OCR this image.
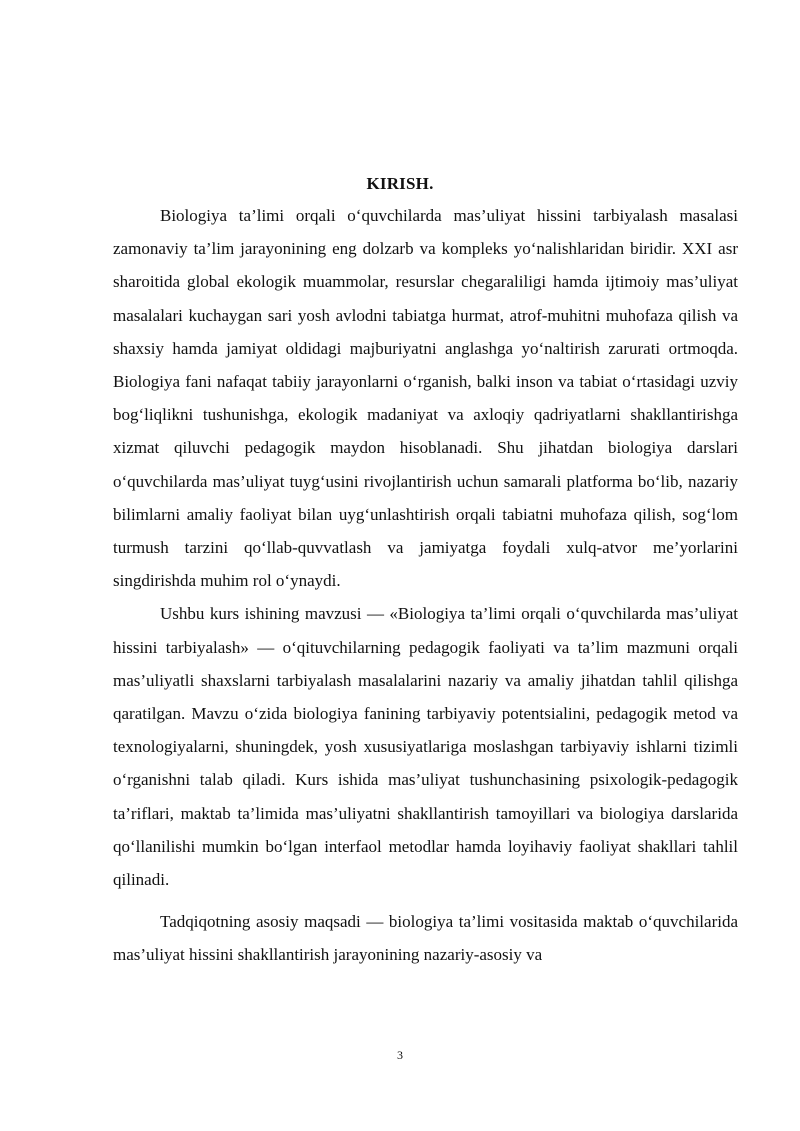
KIRISH.

Biologiya ta’limi orqali o‘quvchilarda mas’uliyat hissini tarbiyalash masalasi zamonaviy ta’lim jarayonining eng dolzarb va kompleks yo‘nalishlaridan biridir. XXI asr sharoitida global ekologik muammolar, resurslar chegaraliligi hamda ijtimoiy mas’uliyat masalalari kuchaygan sari yosh avlodni tabiatga hurmat, atrof-muhitni muhofaza qilish va shaxsiy hamda jamiyat oldidagi majburiyatni anglashga yo‘naltirish zarurati ortmoqda. Biologiya fani nafaqat tabiiy jarayonlarni o‘rganish, balki inson va tabiat o‘rtasidagi uzviy bog‘liqlikni tushunishga, ekologik madaniyat va axloqiy qadriyatlarni shakllantirishga xizmat qiluvchi pedagogik maydon hisoblanadi. Shu jihatdan biologiya darslari o‘quvchilarda mas’uliyat tuyg‘usini rivojlantirish uchun samarali platforma bo‘lib, nazariy bilimlarni amaliy faoliyat bilan uyg‘unlashtirish orqali tabiatni muhofaza qilish, sog‘lom turmush tarzini qo‘llab-quvvatlash va jamiyatga foydali xulq-atvor me’yorlarini singdirishda muhim rol o‘ynaydi.

Ushbu kurs ishining mavzusi — «Biologiya ta’limi orqali o‘quvchilarda mas’uliyat hissini tarbiyalash» — o‘qituvchilarning pedagogik faoliyati va ta’lim mazmuni orqali mas’uliyatli shaxslarni tarbiyalash masalalarini nazariy va amaliy jihatdan tahlil qilishga qaratilgan. Mavzu o‘zida biologiya fanining tarbiyaviy potentsialini, pedagogik metod va texnologiyalarni, shuningdek, yosh xususiyatlariga moslashgan tarbiyaviy ishlarni tizimli o‘rganishni talab qiladi. Kurs ishida mas’uliyat tushunchasining psixologik-pedagogik ta’riflari, maktab ta’limida mas’uliyatni shakllantirish tamoyillari va biologiya darslarida qo‘llanilishi mumkin bo‘lgan interfaol metodlar hamda loyihaviy faoliyat shakllari tahlil qilinadi.

Tadqiqotning asosiy maqsadi — biologiya ta’limi vositasida maktab o‘quvchilarida mas’uliyat hissini shakllantirish jarayonining nazariy-asosiy va

3
